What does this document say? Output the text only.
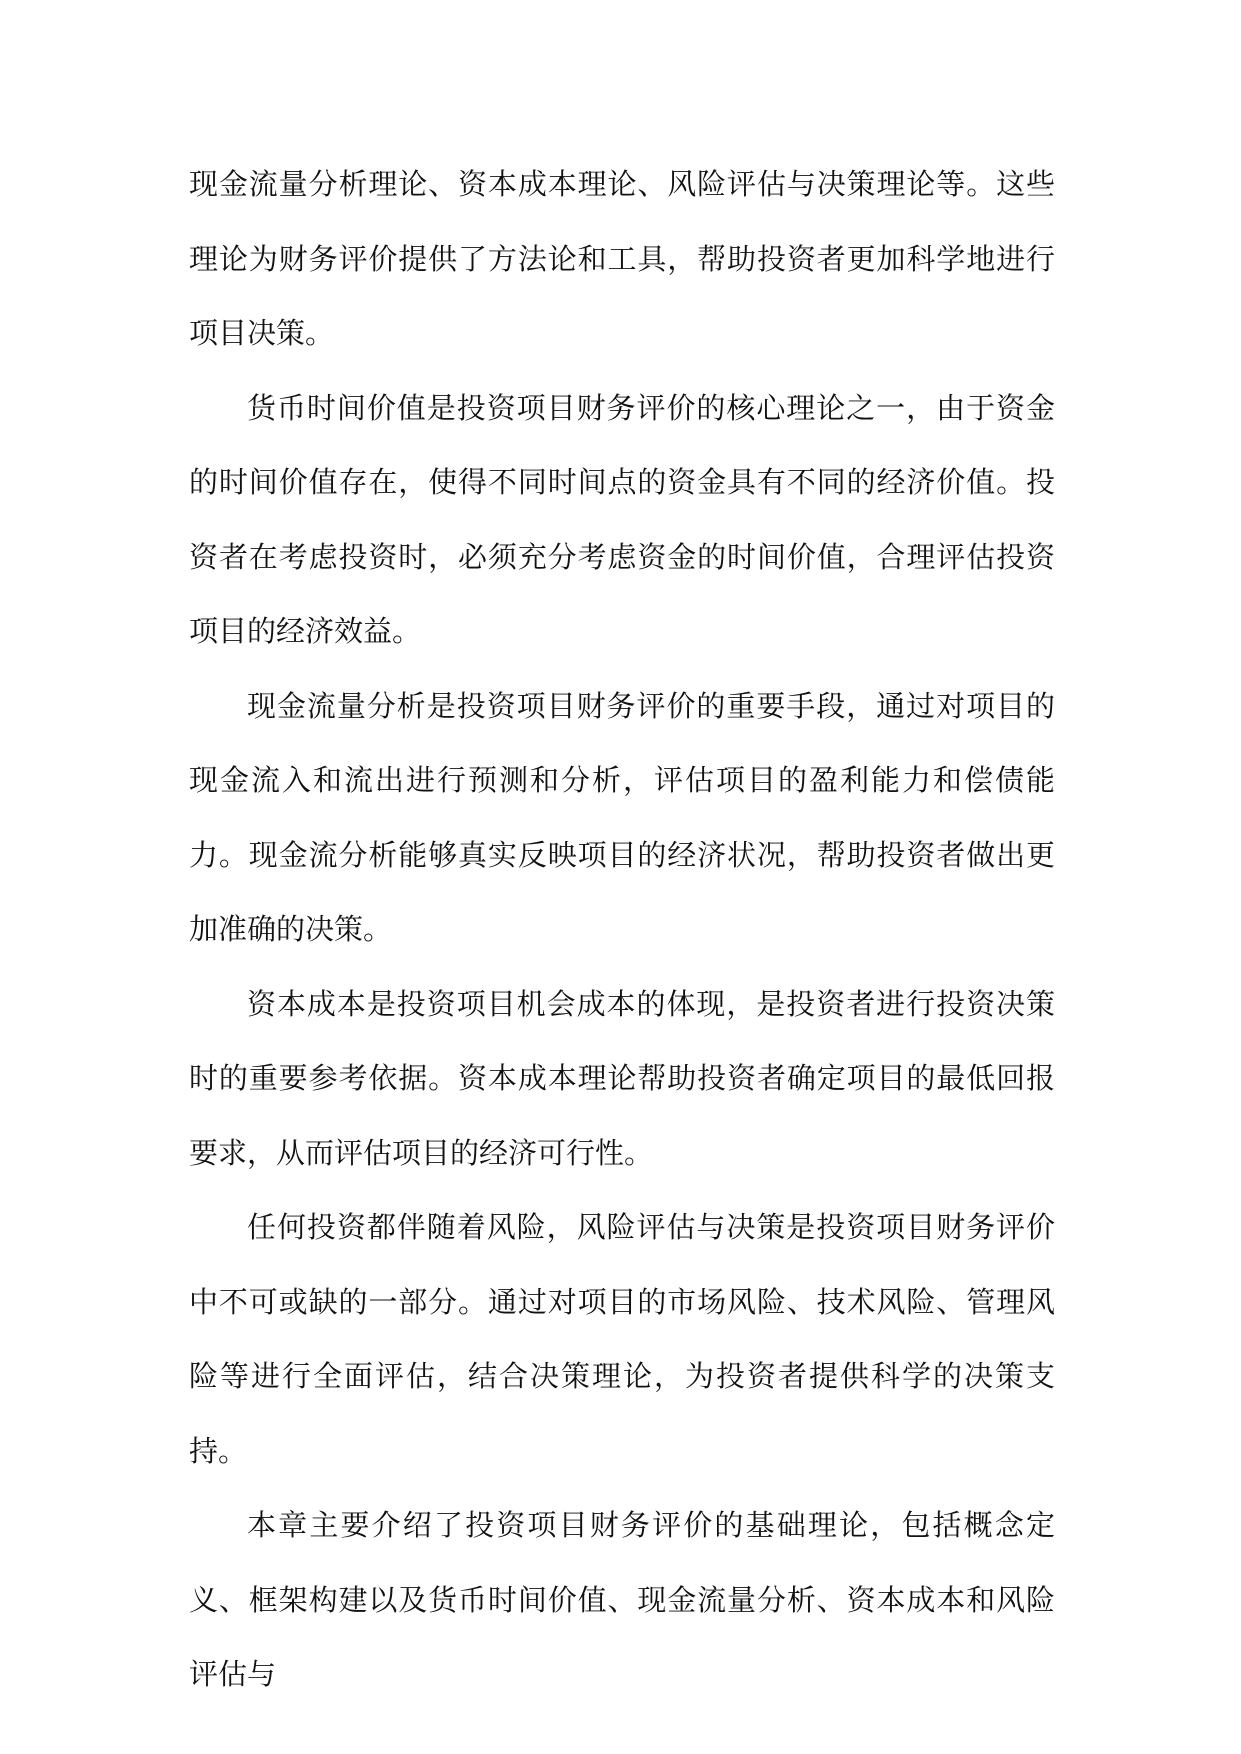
现金流量分析理论、资本成本理论、风险评估与决策理论等。这些理论为财务评价提供了方法论和工具，帮助投资者更加科学地进行项目决策。

货币时间价值是投资项目财务评价的核心理论之一，由于资金的时间价值存在，使得不同时间点的资金具有不同的经济价值。投资者在考虑投资时，必须充分考虑资金的时间价值，合理评估投资项目的经济效益。

现金流量分析是投资项目财务评价的重要手段，通过对项目的现金流入和流出进行预测和分析，评估项目的盈利能力和偿债能力。现金流分析能够真实反映项目的经济状况，帮助投资者做出更加准确的决策。

资本成本是投资项目机会成本的体现，是投资者进行投资决策时的重要参考依据。资本成本理论帮助投资者确定项目的最低回报要求，从而评估项目的经济可行性。

任何投资都伴随着风险，风险评估与决策是投资项目财务评价中不可或缺的一部分。通过对项目的市场风险、技术风险、管理风险等进行全面评估，结合决策理论，为投资者提供科学的决策支持。

本章主要介绍了投资项目财务评价的基础理论，包括概念定义、框架构建以及货币时间价值、现金流量分析、资本成本和风险评估与
